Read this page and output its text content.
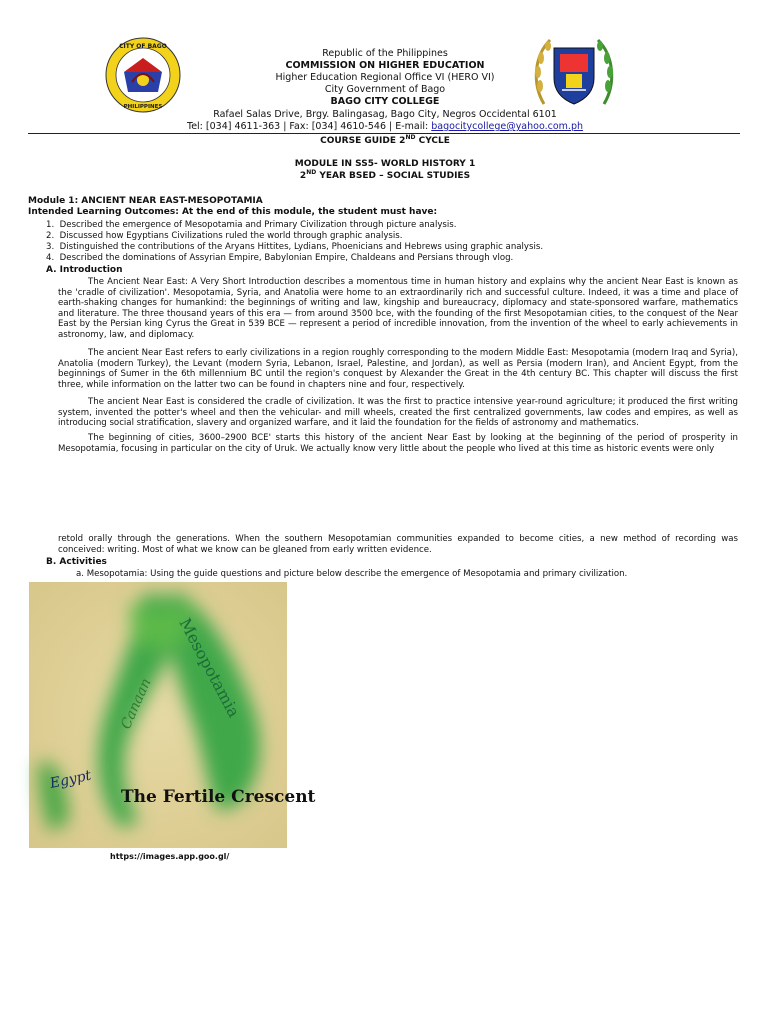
CITY OF BAGO
PHILIPPINES
Republic of the Philippines
COMMISSION ON HIGHER EDUCATION
Higher Education Regional Office VI (HERO VI)
City Government of Bago
BAGO CITY COLLEGE
Rafael Salas Drive, Brgy. Balingasag, Bago City, Negros Occidental 6101
Tel: [034] 4611-363 | Fax: [034] 4610-546 | E-mail: bagocitycollege@yahoo.com.ph
COURSE GUIDE 2ND CYCLE
MODULE IN SS5- WORLD HISTORY 1
2ND YEAR BSED – SOCIAL STUDIES
Module 1: ANCIENT NEAR EAST-MESOPOTAMIA
Intended Learning Outcomes: At the end of this module, the student must have:
1.  Described the emergence of Mesopotamia and Primary Civilization through picture analysis.
2.  Discussed how Egyptians Civilizations ruled the world through graphic analysis.
3.  Distinguished the contributions of the Aryans Hittites, Lydians, Phoenicians and Hebrews using graphic analysis.
4.  Described the dominations of Assyrian Empire, Babylonian Empire, Chaldeans and Persians through vlog.
A. Introduction
The Ancient Near East: A Very Short Introduction describes a momentous time in human history and explains why the ancient Near East is known as the 'cradle of civilization'. Mesopotamia, Syria, and Anatolia were home to an extraordinarily rich and successful culture. Indeed, it was a time and place of earth-shaking changes for humankind: the beginnings of writing and law, kingship and bureaucracy, diplomacy and state-sponsored warfare, mathematics and literature. The three thousand years of this era — from around 3500 bce, with the founding of the first Mesopotamian cities, to the conquest of the Near East by the Persian king Cyrus the Great in 539 BCE — represent a period of incredible innovation, from the invention of the wheel to early achievements in astronomy, law, and diplomacy.
The ancient Near East refers to early civilizations in a region roughly corresponding to the modern Middle East: Mesopotamia (modern Iraq and Syria), Anatolia (modern Turkey), the Levant (modern Syria, Lebanon, Israel, Palestine, and Jordan), as well as Persia (modern Iran), and Ancient Egypt, from the beginnings of Sumer in the 6th millennium BC until the region's conquest by Alexander the Great in the 4th century BC. This chapter will discuss the first three, while information on the latter two can be found in chapters nine and four, respectively.
The ancient Near East is considered the cradle of civilization. It was the first to practice intensive year-round agriculture; it produced the first writing system, invented the potter's wheel and then the vehicular- and mill wheels, created the first centralized governments, law codes and empires, as well as introducing social stratification, slavery and organized warfare, and it laid the foundation for the fields of astronomy and mathematics.
The beginning of cities, 3600–2900 BCE' starts this history of the ancient Near East by looking at the beginning of the period of prosperity in Mesopotamia, focusing in particular on the city of Uruk. We actually know very little about the people who lived at this time as historic events were only
retold orally through the generations. When the southern Mesopotamian communities expanded to become cities, a new method of recording was conceived: writing. Most of what we know can be gleaned from early written evidence.
B. Activities
a. Mesopotamia: Using the guide questions and picture below describe the emergence of Mesopotamia and primary civilization.
Mesopotamia
Canaan
Egypt
The Fertile Crescent
https://images.app.goo.gl/
